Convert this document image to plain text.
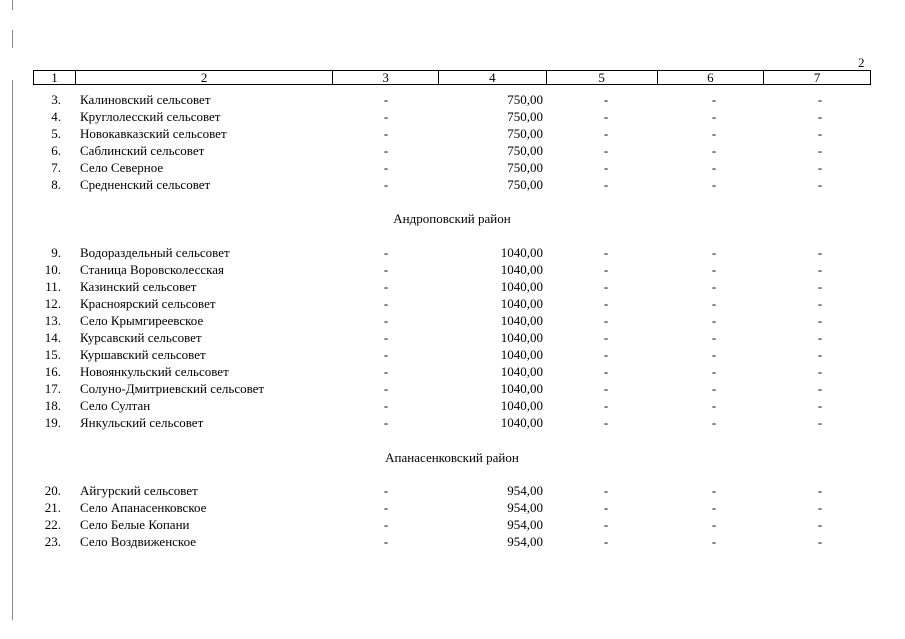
2
1	2	3	4	5	6	7
3. Калиновский сельсовет	-	750,00	-	-	-
4. Круглолесский сельсовет	-	750,00	-	-	-
5. Новокавказский сельсовет	-	750,00	-	-	-
6. Саблинский сельсовет	-	750,00	-	-	-
7. Село Северное	-	750,00	-	-	-
8. Средненский сельсовет	-	750,00	-	-	-
Андроповский район
9. Водораздельный сельсовет	-	1040,00	-	-	-
10. Станица Воровсколесская	-	1040,00	-	-	-
11. Казинский сельсовет	-	1040,00	-	-	-
12. Красноярский сельсовет	-	1040,00	-	-	-
13. Село Крымгиреевское	-	1040,00	-	-	-
14. Курсавский сельсовет	-	1040,00	-	-	-
15. Куршавский сельсовет	-	1040,00	-	-	-
16. Новоянкульский сельсовет	-	1040,00	-	-	-
17. Солуно-Дмитриевский сельсовет	-	1040,00	-	-	-
18. Село Султан	-	1040,00	-	-	-
19. Янкульский сельсовет	-	1040,00	-	-	-
Апанасенковский район
20. Айгурский сельсовет	-	954,00	-	-	-
21. Село Апанасенковское	-	954,00	-	-	-
22. Село Белые Копани	-	954,00	-	-	-
23. Село Воздвиженское	-	954,00	-	-	-
